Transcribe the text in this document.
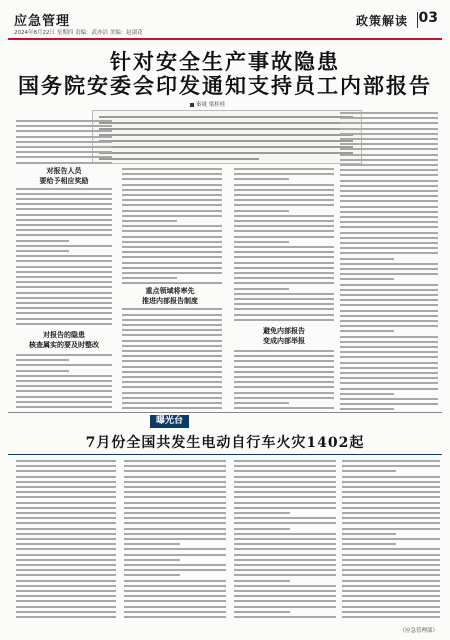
应急管理
2024年8月22日 星期四 责编：武亦洁 美编：赵淑花
政策解读 03
针对安全生产事故隐患
国务院安委会印发通知支持员工内部报告
秦晟 梁桂桂
对报告人员
要给予相应奖励
对报告的隐患
核查属实的要及时整改
重点领域将率先
推进内部报告制度
避免内部报告
变成内部举报
曝光台
7月份全国共发生电动自行车火灾1402起
（应急管理部）
